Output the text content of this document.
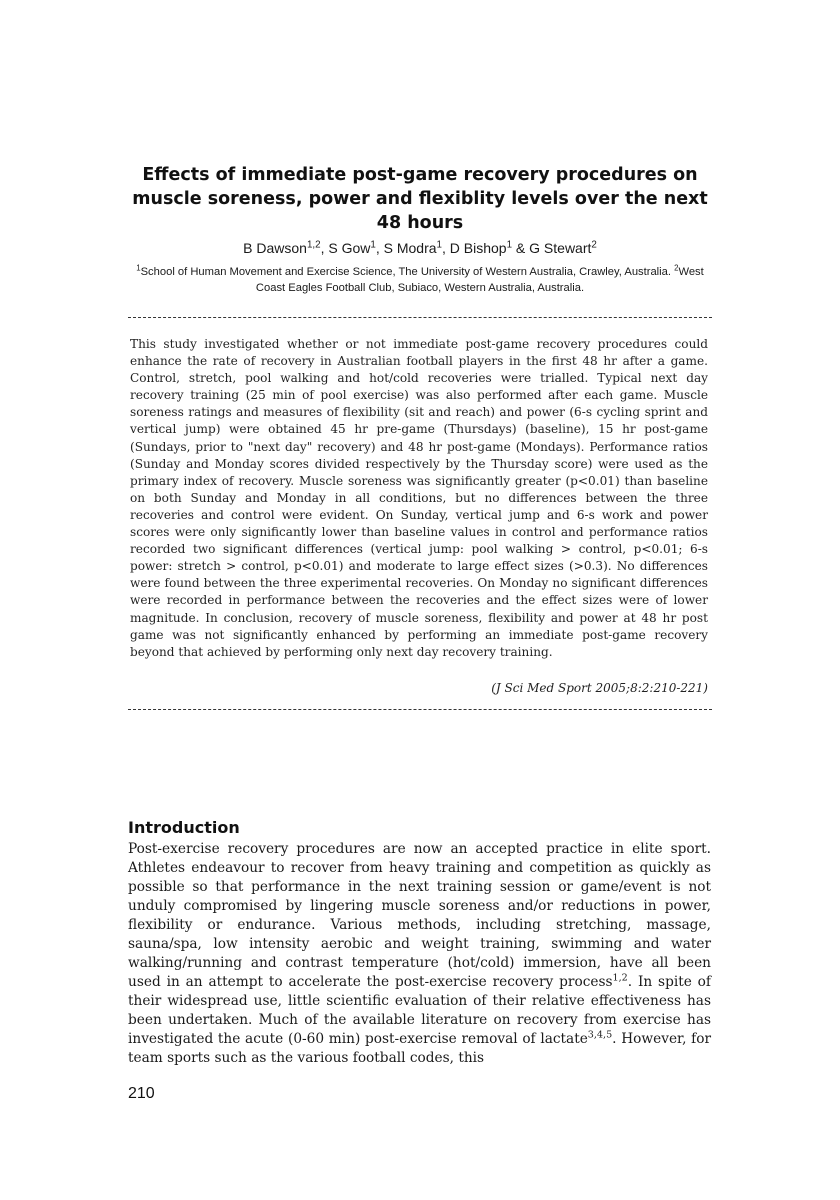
Effects of immediate post-game recovery procedures on muscle soreness, power and flexiblity levels over the next 48 hours
B Dawson$^{1,2}$, S Gow$^1$, S Modra$^1$, D Bishop$^1$ & G Stewart$^2$
$^1$School of Human Movement and Exercise Science, The University of Western Australia, Crawley, Australia. $^2$West Coast Eagles Football Club, Subiaco, Western Australia, Australia.

This study investigated whether or not immediate post-game recovery procedures could enhance the rate of recovery in Australian football players in the first 48 hr after a game. Control, stretch, pool walking and hot/cold recoveries were trialled. Typical next day recovery training (25 min of pool exercise) was also performed after each game. Muscle soreness ratings and measures of flexibility (sit and reach) and power (6-s cycling sprint and vertical jump) were obtained 45 hr pre-game (Thursdays) (baseline), 15 hr post-game (Sundays, prior to "next day" recovery) and 48 hr post-game (Mondays). Performance ratios (Sunday and Monday scores divided respectively by the Thursday score) were used as the primary index of recovery. Muscle soreness was significantly greater (p<0.01) than baseline on both Sunday and Monday in all conditions, but no differences between the three recoveries and control were evident. On Sunday, vertical jump and 6-s work and power scores were only significantly lower than baseline values in control and performance ratios recorded two significant differences (vertical jump: pool walking > control, p<0.01; 6-s power: stretch > control, p<0.01) and moderate to large effect sizes (>0.3). No differences were found between the three experimental recoveries. On Monday no significant differences were recorded in performance between the recoveries and the effect sizes were of lower magnitude. In conclusion, recovery of muscle soreness, flexibility and power at 48 hr post game was not significantly enhanced by performing an immediate post-game recovery beyond that achieved by performing only next day recovery training.

(J Sci Med Sport 2005;8:2:210-221)
Introduction

Post-exercise recovery procedures are now an accepted practice in elite sport. Athletes endeavour to recover from heavy training and competition as quickly as possible so that performance in the next training session or game/event is not unduly compromised by lingering muscle soreness and/or reductions in power, flexibility or endurance. Various methods, including stretching, massage, sauna/spa, low intensity aerobic and weight training, swimming and water walking/running and contrast temperature (hot/cold) immersion, have all been used in an attempt to accelerate the post-exercise recovery process$^{1,2}$. In spite of their widespread use, little scientific evaluation of their relative effectiveness has been undertaken. Much of the available literature on recovery from exercise has investigated the acute (0-60 min) post-exercise removal of lactate$^{3,4,5}$. However, for team sports such as the various football codes, this

210
